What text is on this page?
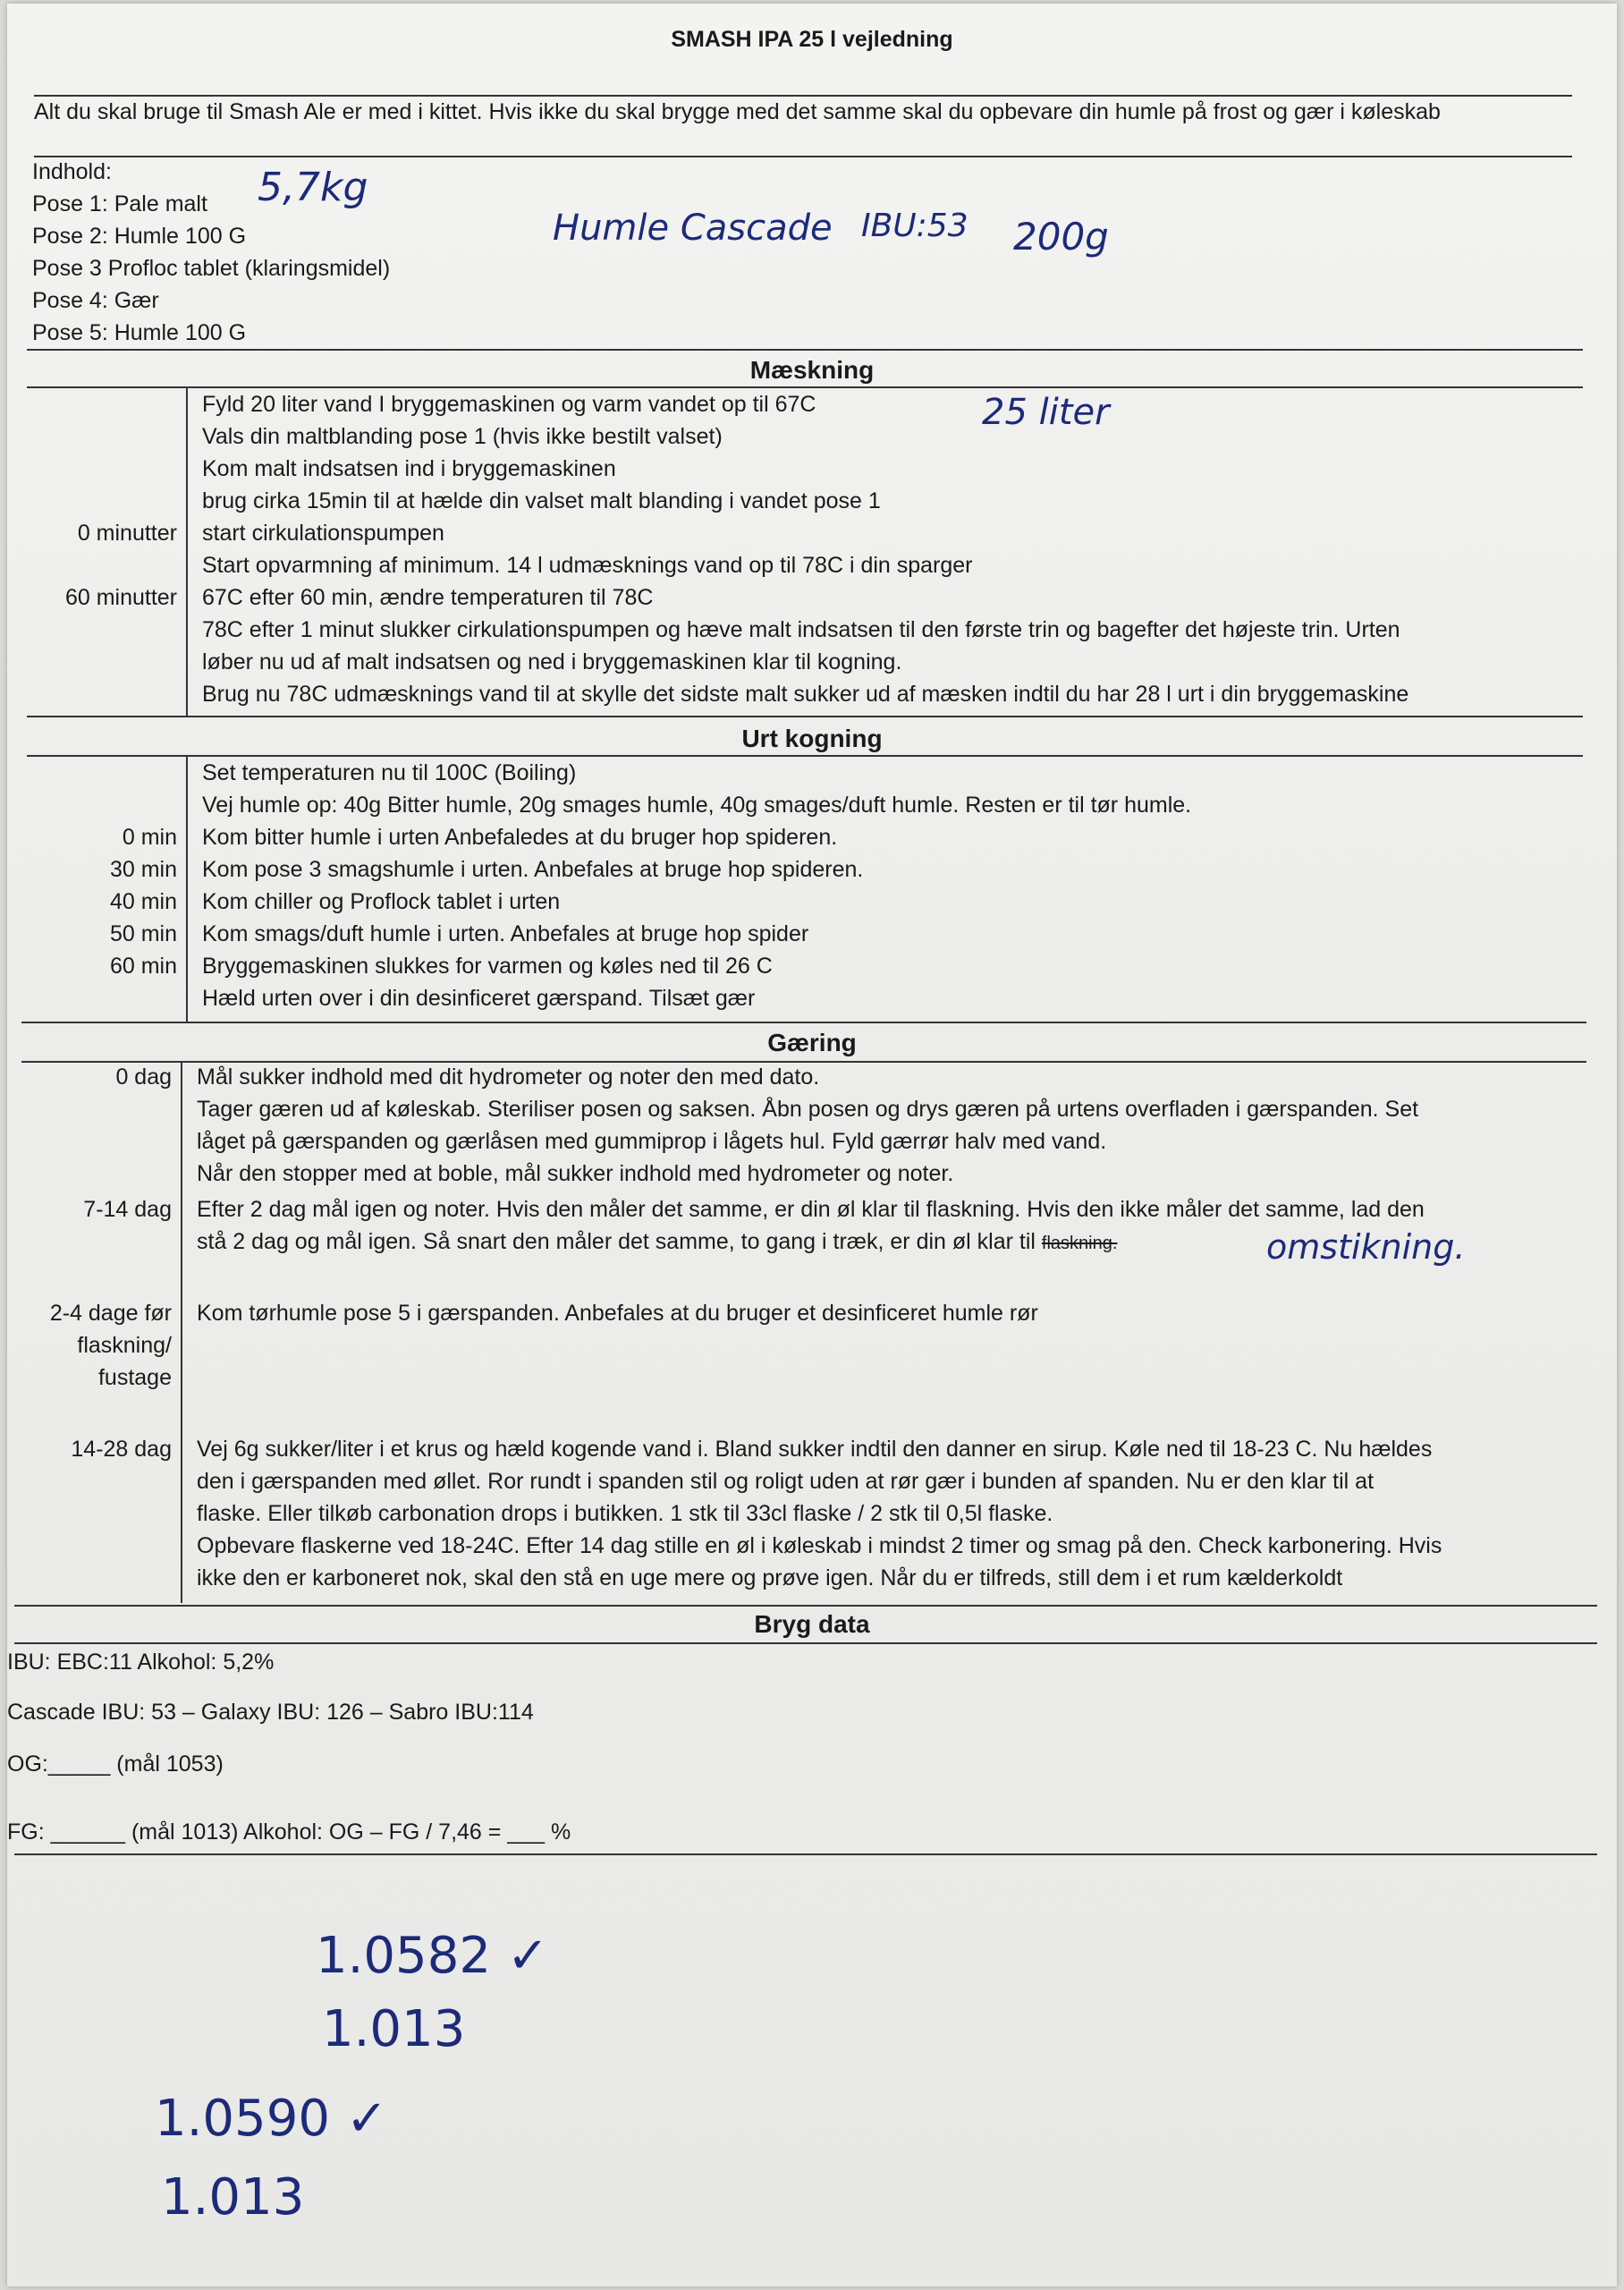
SMASH IPA 25 l vejledning
Alt du skal bruge til Smash Ale er med i kittet. Hvis ikke du skal brygge med det samme skal du opbevare din humle på frost og gær i køleskab
Indhold:
Pose 1: Pale malt
Pose 2: Humle 100 G
Pose 3 Profloc tablet (klaringsmidel)
Pose 4: Gær
Pose 5: Humle 100 G
5,7kg
Humle Cascade IBU:53 200g
Mæskning
0 minutter
60 minutter
Fyld 20 liter vand I bryggemaskinen og varm vandet op til 67C
Vals din maltblanding pose 1 (hvis ikke bestilt valset)
Kom malt indsatsen ind i bryggemaskinen
brug cirka 15min til at hælde din valset malt blanding i vandet pose 1
start cirkulationspumpen
Start opvarmning af minimum. 14 l udmæsknings vand op til 78C i din sparger
67C efter 60 min, ændre temperaturen til 78C
78C efter 1 minut slukker cirkulationspumpen og hæve malt indsatsen til den første trin og bagefter det højeste trin. Urten
løber nu ud af malt indsatsen og ned i bryggemaskinen klar til kogning.
Brug nu 78C udmæsknings vand til at skylle det sidste malt sukker ud af mæsken indtil du har 28 l urt i din bryggemaskine
25 liter
Urt kogning
0 min
30 min
40 min
50 min
60 min
Set temperaturen nu til 100C (Boiling)
Vej humle op: 40g Bitter humle, 20g smages humle, 40g smages/duft humle. Resten er til tør humle.
Kom bitter humle i urten Anbefaledes at du bruger hop spideren.
Kom pose 3 smagshumle i urten. Anbefales at bruge hop spideren.
Kom chiller og Proflock tablet i urten
Kom smags/duft humle i urten. Anbefales at bruge hop spider
Bryggemaskinen slukkes for varmen og køles ned til 26 C
Hæld urten over i din desinficeret gærspand. Tilsæt gær
Gæring
0 dag
7-14 dag
2-4 dage før
flaskning/
fustage
14-28 dag
Mål sukker indhold med dit hydrometer og noter den med dato.
Tager gæren ud af køleskab. Steriliser posen og saksen. Åbn posen og drys gæren på urtens overfladen i gærspanden. Set
låget på gærspanden og gærlåsen med gummiprop i lågets hul. Fyld gærrør halv med vand.
Når den stopper med at boble, mål sukker indhold med hydrometer og noter.
Efter 2 dag mål igen og noter. Hvis den måler det samme, er din øl klar til flaskning. Hvis den ikke måler det samme, lad den
stå 2 dag og mål igen. Så snart den måler det samme, to gang i træk, er din øl klar til flaskning.
Kom tørhumle pose 5 i gærspanden. Anbefales at du bruger et desinficeret humle rør
Vej 6g sukker/liter i et krus og hæld kogende vand i. Bland sukker indtil den danner en sirup. Køle ned til 18-23 C. Nu hældes
den i gærspanden med øllet. Ror rundt i spanden stil og roligt uden at rør gær i bunden af spanden. Nu er den klar til at
flaske. Eller tilkøb carbonation drops i butikken. 1 stk til 33cl flaske / 2 stk til 0,5l flaske.
Opbevare flaskerne ved 18-24C. Efter 14 dag stille en øl i køleskab i mindst 2 timer og smag på den. Check karbonering. Hvis
ikke den er karboneret nok, skal den stå en uge mere og prøve igen. Når du er tilfreds, still dem i et rum kælderkoldt
omstikning.
Bryg data
IBU: EBC:11 Alkohol: 5,2%
Cascade IBU: 53 – Galaxy IBU: 126 – Sabro IBU:114
OG:_____ (mål 1053)
FG: ______ (mål 1013) Alkohol: OG – FG / 7,46 = ___ %
1.0582 ✓
1.013
1.0590 ✓
1.013
